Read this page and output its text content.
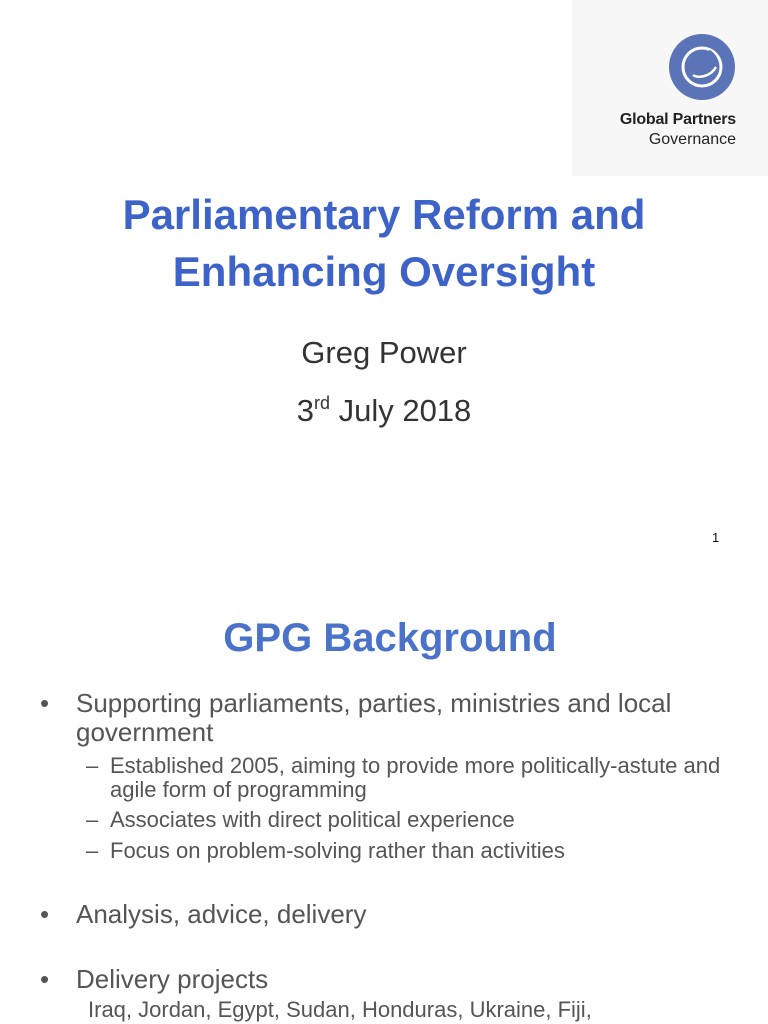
Global Partners
Governance
Parliamentary Reform and
Enhancing Oversight
Greg Power
3rd July 2018
1
GPG Background
•	Supporting parliaments, parties, ministries and local government
– Established 2005, aiming to provide more politically-astute and agile form of programming
– Associates with direct political experience
– Focus on problem-solving rather than activities
•	Analysis, advice, delivery
•	Delivery projects
Iraq, Jordan, Egypt, Sudan, Honduras, Ukraine, Fiji,
